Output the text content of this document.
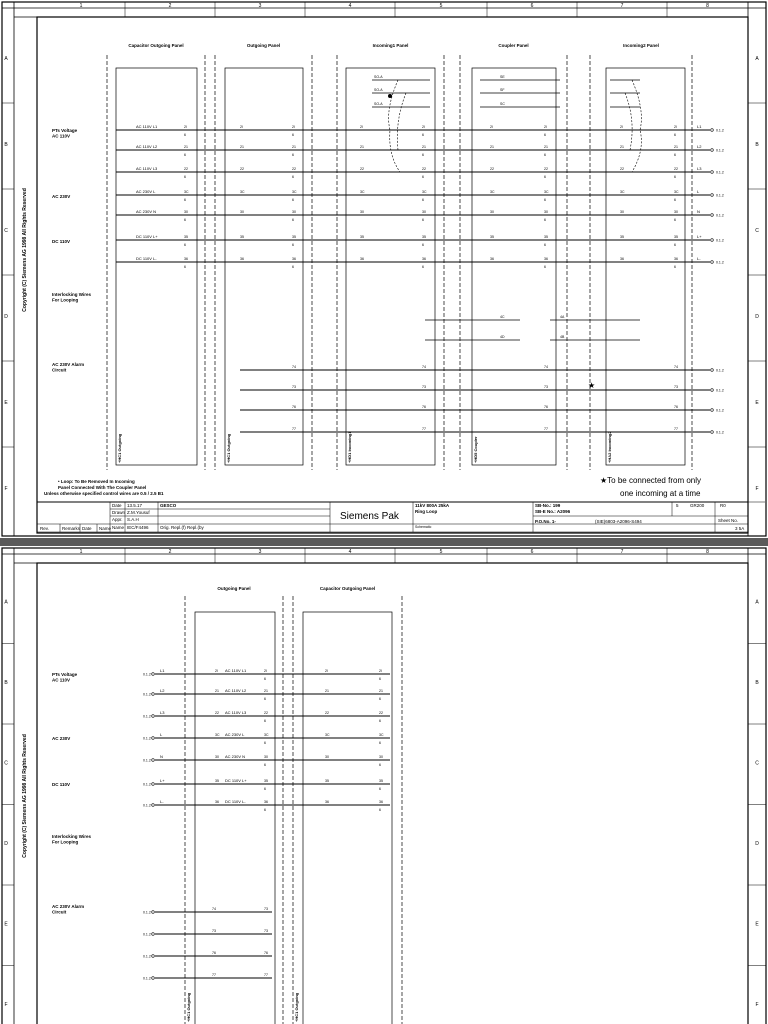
1	2	3	4	5	6	7	8
A	A
B	B
C	C
D	D
E	E
F	F
Copyright (C) Siemens AG 1998 All Rights Reserved
Capacitor Outgoing Panel
+HC1 Outgoing
Outgoing Panel
+HC1 Outgoing
Incoming1 Panel
+HD1 Incoming1
Coupler Panel
+HD5 Coupler
Incoming2 Panel
+HA2 Incoming2
2l
6
2l
6
2l
6
2l
6
2l
6
2l	2l	2l	2l
AC 110V L1	L1
0.1.2
21
6
21
6
21
6
21
6
21
6
21	21	21	21
AC 110V L2	L2
0.1.2
22
6
22
6
22
6
22
6
22
6
22	22	22	22
AC 110V L3	L3
0.1.2
3C
6
3C
6
3C
6
3C
6
3C
6
3C	3C	3C	3C
AC 230V L	L
0.1.2
30
6
30
6
30
6
30
6
30
6
30	30	30	30
AC 230V N	N
0.1.2
35
6
35
6
35
6
35
6
35
6
35	35	35	35
DC 110V L+	L+
0.1.2
36
6
36
6
36
6
36
6
36
6
36	36	36	36
DC 110V L-	L-
0.1.2
SO-A	SE
SO-A	SF
SO-A	SC
4C
4D
4A
4B
74	74	74	74
0.1.2
73	73	73	73
0.1.2
76	76	76	76
0.1.2
77	77	77	77
0.1.2
★
PTs Voltage AC 110V
AC 230V
DC 110V
Interlocking Wires For Looping
AC 230V Alarm Circuit
• Loop: To Be Removed In Incoming
Panel Connected With The Coupler Panel
Unless otherwise specified control wires are 0.5 / 2.5 B1
★To be connected from only
one incoming at a time
Date 13.5.17
Drawn Z.M.Yousuf
Appr. S.A.H
Name IEC/F4496
GESCO
Orig. Repl.(f) Repl.(by
Siemens Pak
11kV 800A 25kA
Ring Loop
Schematic
SB-No.: 199
SB-E No.: A2096
P.O.No. 1-	(SIE)6803-A2096-S494
5	GR200	R0
Sheet No.
3 5A
Rev.	Remarks Date Name
1	2	3	4	5	6	7	8
A	A
B	B
C	C
D	D
E	E
F	F
Copyright (C) Siemens AG 1998 All Rights Reserved
Outgoing Panel
+HC1 Outgoing
Capacitor Outgoing Panel
+HC1 Outgoing
0.1.2
L1	AC 110V L1	2l
6
2l
6
2l	2l
0.1.2
L2	AC 110V L2	21
6
21
6
21	21
0.1.2
L3	AC 110V L3	22
6
22
6
22	22
0.1.2
L	AC 230V L	3C
6
3C
6
3C	3C
0.1.2
N	AC 230V N	30
6
30
6
30	30
0.1.2
L+	DC 110V L+	35
6
35
6
35	35
0.1.2
L-	DC 110V L-	36
6
36
6
36	36
0.1.2
74	73
0.1.2
73	73
0.1.2
76	76
0.1.2
77	77
PTs Voltage AC 110V
AC 230V
DC 110V
Interlocking Wires For Looping
AC 230V Alarm Circuit
